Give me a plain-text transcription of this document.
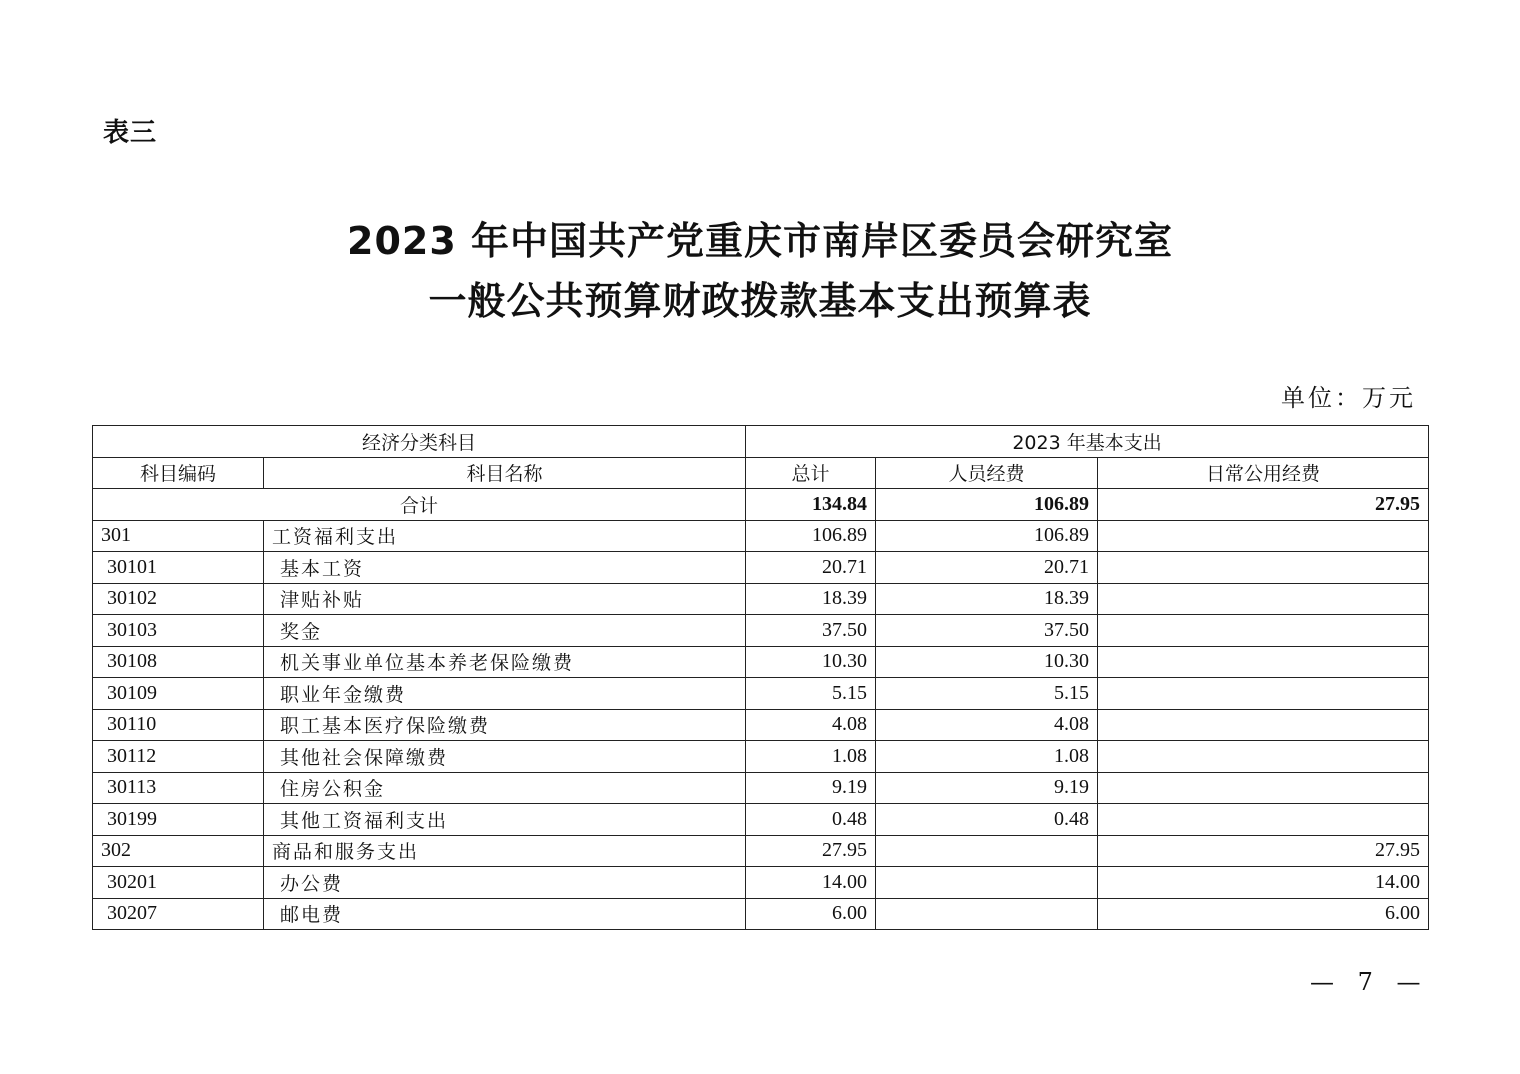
表三
2023 年中国共产党重庆市南岸区委员会研究室
一般公共预算财政拨款基本支出预算表
单位：万元
经济分类科目		2023 年基本支出		
科目编码	科目名称	总计	人员经费	日常公用经费
合计		134.84	106.89	27.95
301	工资福利支出	106.89	106.89	
30101	基本工资	20.71	20.71	
30102	津贴补贴	18.39	18.39	
30103	奖金	37.50	37.50	
30108	机关事业单位基本养老保险缴费	10.30	10.30	
30109	职业年金缴费	5.15	5.15	
30110	职工基本医疗保险缴费	4.08	4.08	
30112	其他社会保障缴费	1.08	1.08	
30113	住房公积金	9.19	9.19	
30199	其他工资福利支出	0.48	0.48	
302	商品和服务支出	27.95		27.95
30201	办公费	14.00		14.00
30207	邮电费	6.00		6.00
— 7 —
